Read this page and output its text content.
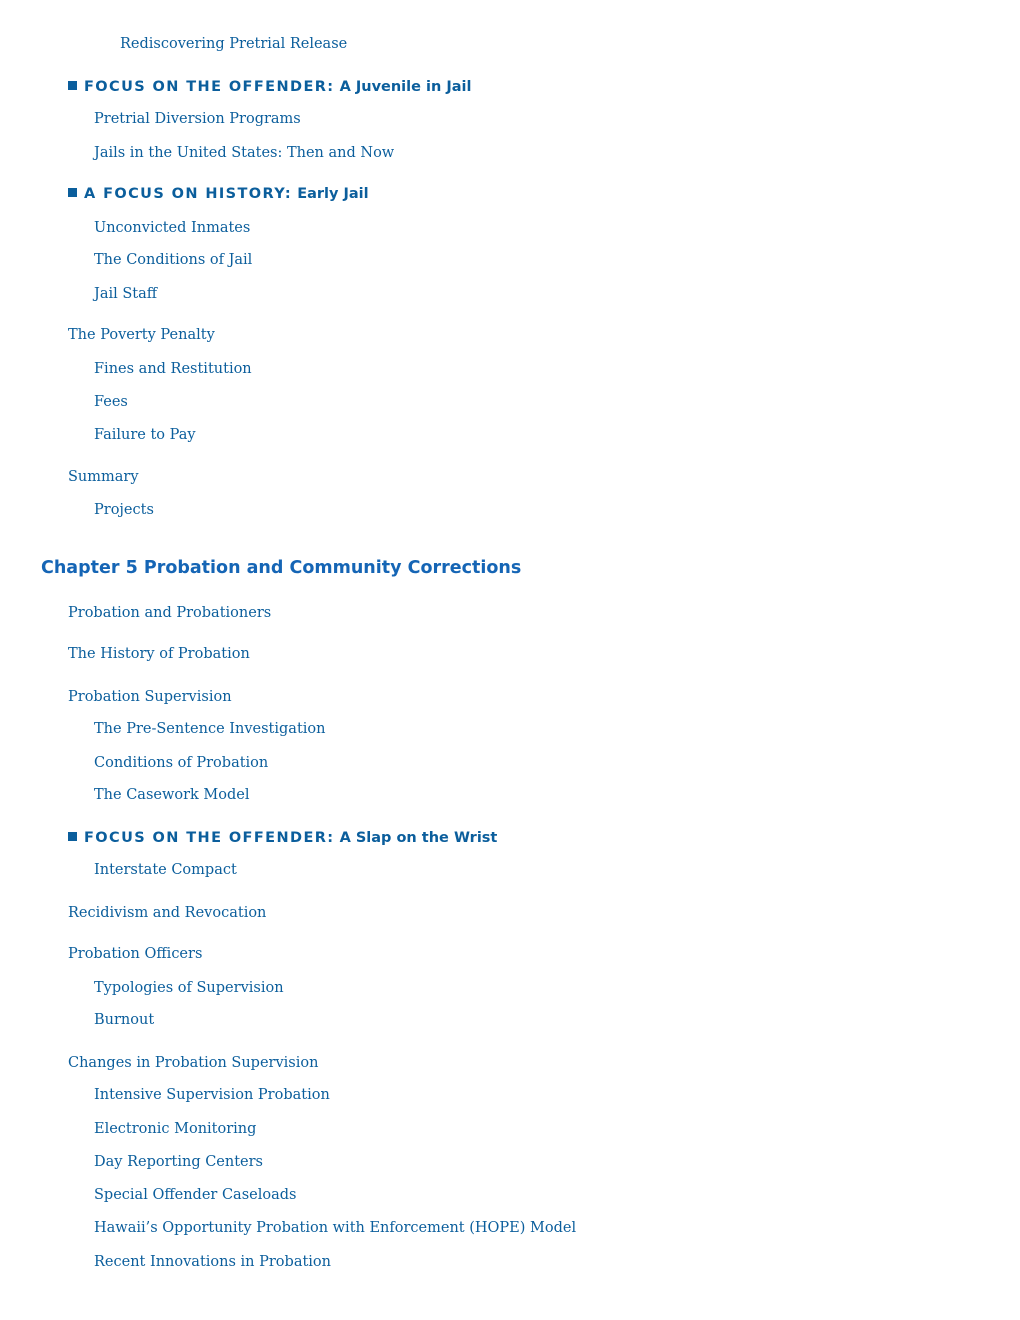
Rediscovering Pretrial Release
FOCUS ON THE OFFENDER: A Juvenile in Jail
Pretrial Diversion Programs
Jails in the United States: Then and Now
A FOCUS ON HISTORY: Early Jail
Unconvicted Inmates
The Conditions of Jail
Jail Staff
The Poverty Penalty
Fines and Restitution
Fees
Failure to Pay
Summary
Projects
Chapter 5 Probation and Community Corrections
Probation and Probationers
The History of Probation
Probation Supervision
The Pre-Sentence Investigation
Conditions of Probation
The Casework Model
FOCUS ON THE OFFENDER: A Slap on the Wrist
Interstate Compact
Recidivism and Revocation
Probation Officers
Typologies of Supervision
Burnout
Changes in Probation Supervision
Intensive Supervision Probation
Electronic Monitoring
Day Reporting Centers
Special Offender Caseloads
Hawaii’s Opportunity Probation with Enforcement (HOPE) Model
Recent Innovations in Probation
